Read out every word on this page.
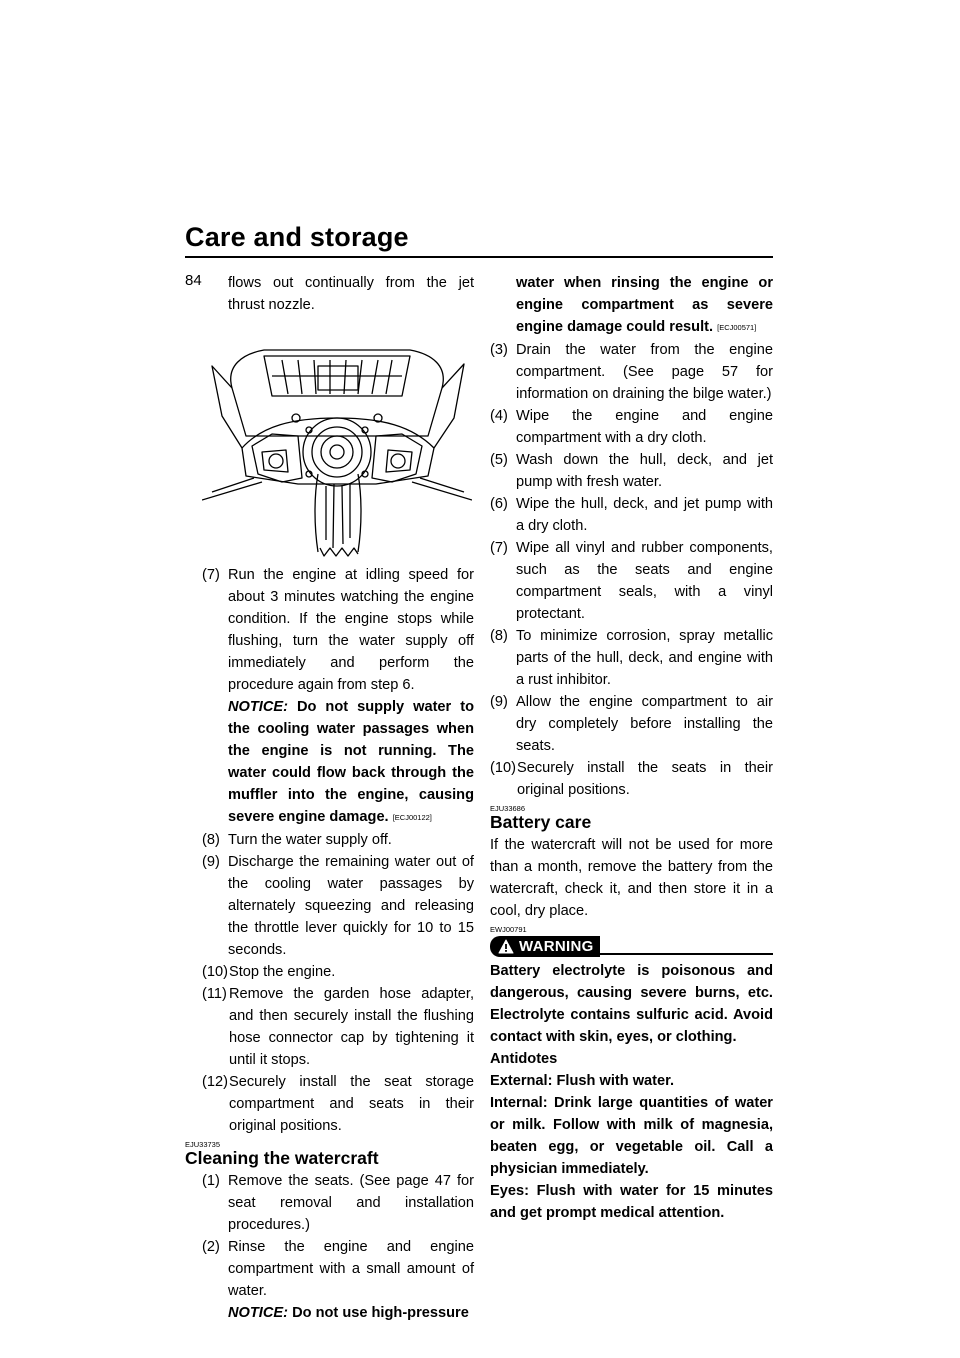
Care and storage
84	flows out continually from the jet thrust nozzle.

(7) Run the engine at idling speed for about 3 minutes watching the engine condition. If the engine stops while flushing, turn the water supply off immediately and perform the procedure again from step 6.
NOTICE: Do not supply water to the cooling water passages when the engine is not running. The water could flow back through the muffler into the engine, causing severe engine damage. [ECJ00122]
(8) Turn the water supply off.
(9) Discharge the remaining water out of the cooling water passages by alternately squeezing and releasing the throttle lever quickly for 10 to 15 seconds.
(10) Stop the engine.
(11) Remove the garden hose adapter, and then securely install the flushing hose connector cap by tightening it until it stops.
(12) Securely install the seat storage compartment and seats in their original positions.
EJU33735
Cleaning the watercraft
(1) Remove the seats. (See page 47 for seat removal and installation procedures.)
(2) Rinse the engine and engine compartment with a small amount of water.
NOTICE: Do not use high-pressure

water when rinsing the engine or engine compartment as severe engine damage could result. [ECJ00571]

(3) Drain the water from the engine compartment. (See page 57 for information on draining the bilge water.)
(4) Wipe the engine and engine compartment with a dry cloth.
(5) Wash down the hull, deck, and jet pump with fresh water.
(6) Wipe the hull, deck, and jet pump with a dry cloth.
(7) Wipe all vinyl and rubber components, such as the seats and engine compartment seals, with a vinyl protectant.
(8) To minimize corrosion, spray metallic parts of the hull, deck, and engine with a rust inhibitor.
(9) Allow the engine compartment to air dry completely before installing the seats.
(10) Securely install the seats in their original positions.
EJU33686
Battery care

If the watercraft will not be used for more than a month, remove the battery from the watercraft, check it, and then store it in a cool, dry place.

EWJ00791
WARNING

Battery electrolyte is poisonous and dangerous, causing severe burns, etc. Electrolyte contains sulfuric acid. Avoid contact with skin, eyes, or clothing.

Antidotes

External: Flush with water.

Internal: Drink large quantities of water or milk. Follow with milk of magnesia, beaten egg, or vegetable oil. Call a physician immediately.

Eyes: Flush with water for 15 minutes and get prompt medical attention.
